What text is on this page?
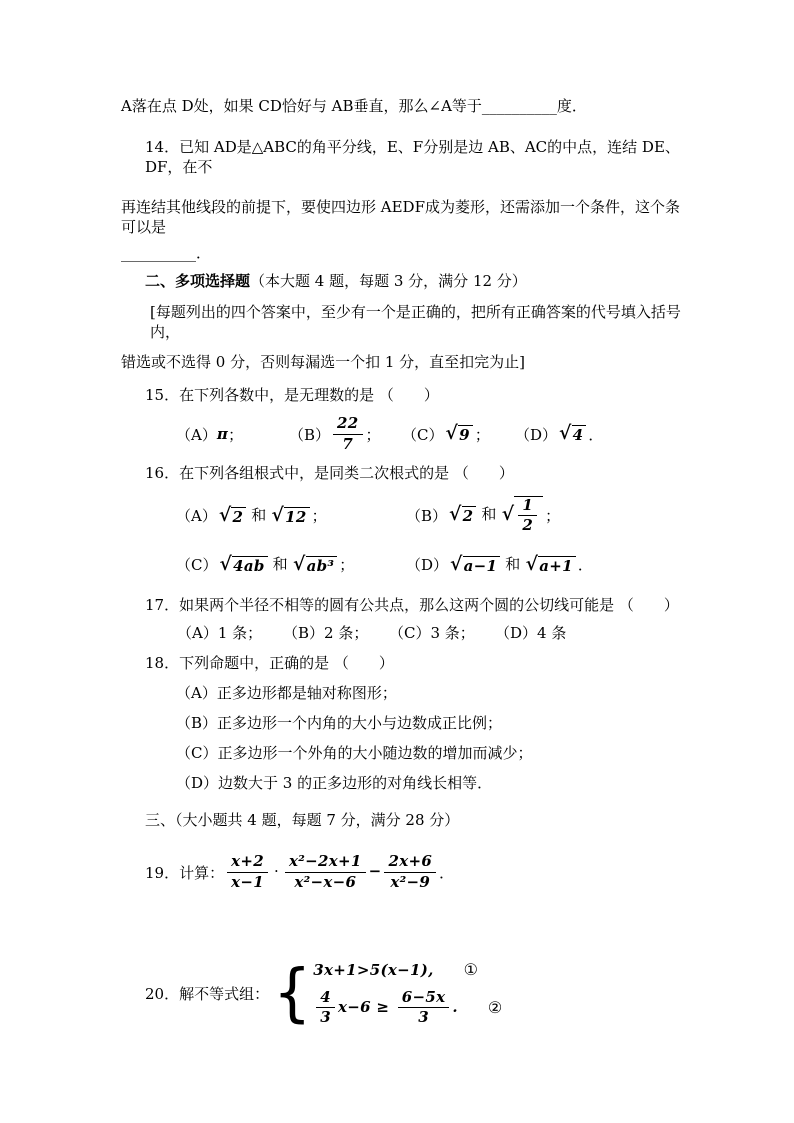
A落在点 D处，如果 CD恰好与 AB垂直，那么∠A等于__________度．

14．已知 AD是△ABC的角平分线，E、F分别是边 AB、AC的中点，连结 DE、DF，在不

再连结其他线段的前提下，要使四边形 AEDF成为菱形，还需添加一个条件，这个条可以是

__________．

二、多项选择题（本大题 4 题，每题 3 分，满分 12 分）

[每题列出的四个答案中，至少有一个是正确的，把所有正确答案的代号填入括号内，

错选或不选得 0 分，否则每漏选一个扣 1 分，直至扣完为止]

15．在下列各数中，是无理数的是 （　　）

（A） π ；	$(B) \frac{22}{7}$ ； （C） √ 9 ； （D） √ 4 ．

16．在下列各组根式中，是同类二次根式的是 （　　）

（A） √ 2 和 √ 12 ；	（B） √ 2 和 √ $\frac{1}{2}$ ；
（C） √ 4ab 和 √ ab³ ；	（D） √ a−1 和 √ a+1 ．

17．如果两个半径不相等的圆有公共点，那么这两个圆的公切线可能是 （　　）

（A）1 条；	（B）2 条；	（C）3 条；	（D）4 条

18．下列命题中，正确的是 （　　）

（A）正多边形都是轴对称图形；

（B）正多边形一个内角的大小与边数成正比例；

（C）正多边形一个外角的大小随边数的增加而减少；

（D）边数大于 3 的正多边形的对角线长相等．

三、（大小题共 4 题，每题 7 分，满分 28 分）

19．计算： $\frac{x+2}{x-1} \cdot \frac{\text{x²−2x+1}}{\text{x²−x−6}} - \frac{2x+6}{\text{x²−9}}$ ．
20．解不等式组： { 3x+1>5(x−1), ①
$\frac{4}{3} x-6 \ge \frac{6-5x}{3}$ . ②
